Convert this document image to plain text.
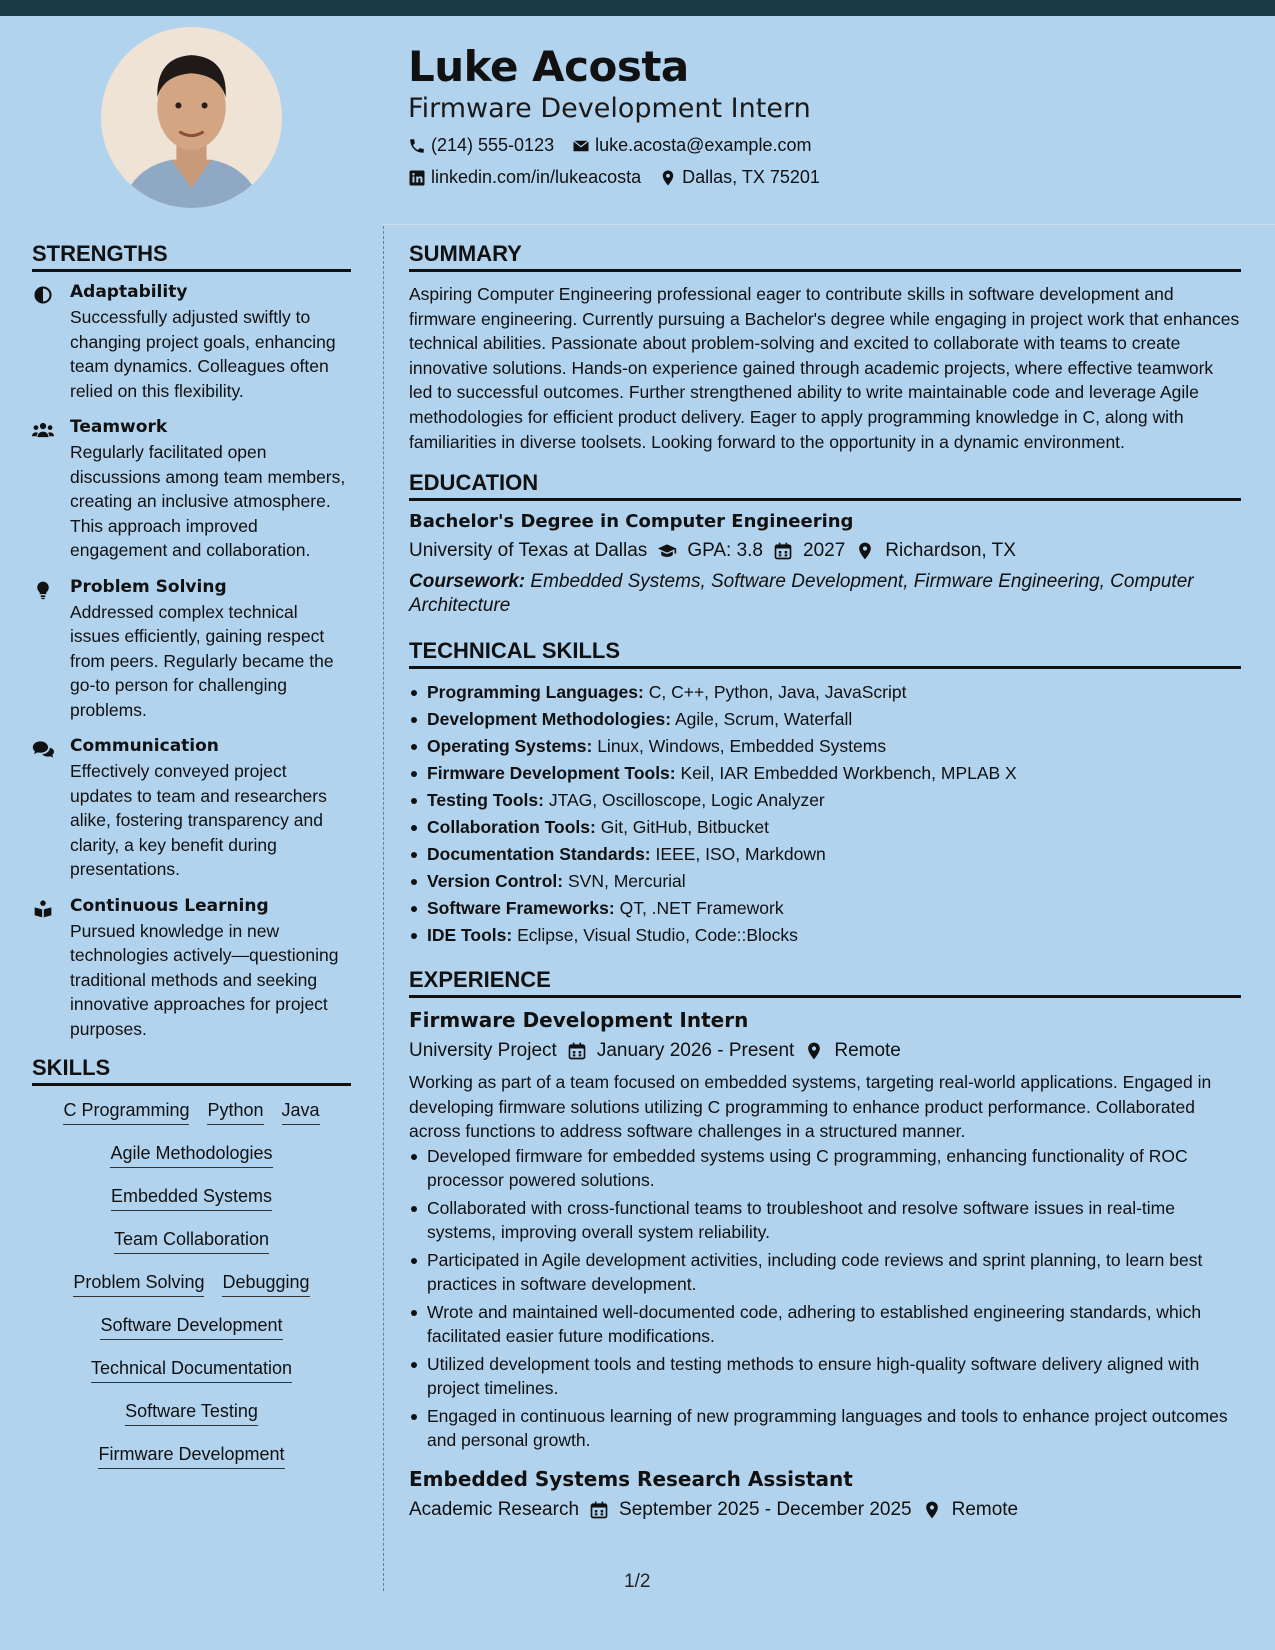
Luke Acosta
Firmware Development Intern
(214) 555-0123 luke.acosta@example.com
linkedin.com/in/lukeacosta Dallas, TX 75201
STRENGTHS
Adaptability
Successfully adjusted swiftly to changing project goals, enhancing team dynamics. Colleagues often relied on this flexibility.
Teamwork
Regularly facilitated open discussions among team members, creating an inclusive atmosphere. This approach improved engagement and collaboration.
Problem Solving
Addressed complex technical issues efficiently, gaining respect from peers. Regularly became the go-to person for challenging problems.
Communication
Effectively conveyed project updates to team and researchers alike, fostering transparency and clarity, a key benefit during presentations.
Continuous Learning
Pursued knowledge in new technologies actively—questioning traditional methods and seeking innovative approaches for project purposes.
SKILLS
C Programming Python Java
Agile Methodologies
Embedded Systems
Team Collaboration
Problem Solving Debugging
Software Development
Technical Documentation
Software Testing
Firmware Development
SUMMARY

Aspiring Computer Engineering professional eager to contribute skills in software development and firmware engineering. Currently pursuing a Bachelor's degree while engaging in project work that enhances technical abilities. Passionate about problem-solving and excited to collaborate with teams to create innovative solutions. Hands-on experience gained through academic projects, where effective teamwork led to successful outcomes. Further strengthened ability to write maintainable code and leverage Agile methodologies for efficient product delivery. Eager to apply programming knowledge in C, along with familiarities in diverse toolsets. Looking forward to the opportunity in a dynamic environment.

EDUCATION
Bachelor's Degree in Computer Engineering
University of Texas at Dallas GPA: 3.8 2027 Richardson, TX
Coursework: Embedded Systems, Software Development, Firmware Engineering, Computer Architecture
TECHNICAL SKILLS
Programming Languages: C, C++, Python, Java, JavaScript
Development Methodologies: Agile, Scrum, Waterfall
Operating Systems: Linux, Windows, Embedded Systems
Firmware Development Tools: Keil, IAR Embedded Workbench, MPLAB X
Testing Tools: JTAG, Oscilloscope, Logic Analyzer
Collaboration Tools: Git, GitHub, Bitbucket
Documentation Standards: IEEE, ISO, Markdown
Version Control: SVN, Mercurial
Software Frameworks: QT, .NET Framework
IDE Tools: Eclipse, Visual Studio, Code::Blocks
EXPERIENCE
Firmware Development Intern
University Project January 2026 - Present Remote
Working as part of a team focused on embedded systems, targeting real-world applications. Engaged in developing firmware solutions utilizing C programming to enhance product performance. Collaborated across functions to address software challenges in a structured manner.
Developed firmware for embedded systems using C programming, enhancing functionality of ROC processor powered solutions.
Collaborated with cross-functional teams to troubleshoot and resolve software issues in real-time systems, improving overall system reliability.
Participated in Agile development activities, including code reviews and sprint planning, to learn best practices in software development.
Wrote and maintained well-documented code, adhering to established engineering standards, which facilitated easier future modifications.
Utilized development tools and testing methods to ensure high-quality software delivery aligned with project timelines.
Engaged in continuous learning of new programming languages and tools to enhance project outcomes and personal growth.
Embedded Systems Research Assistant
Academic Research September 2025 - December 2025 Remote
1/2
